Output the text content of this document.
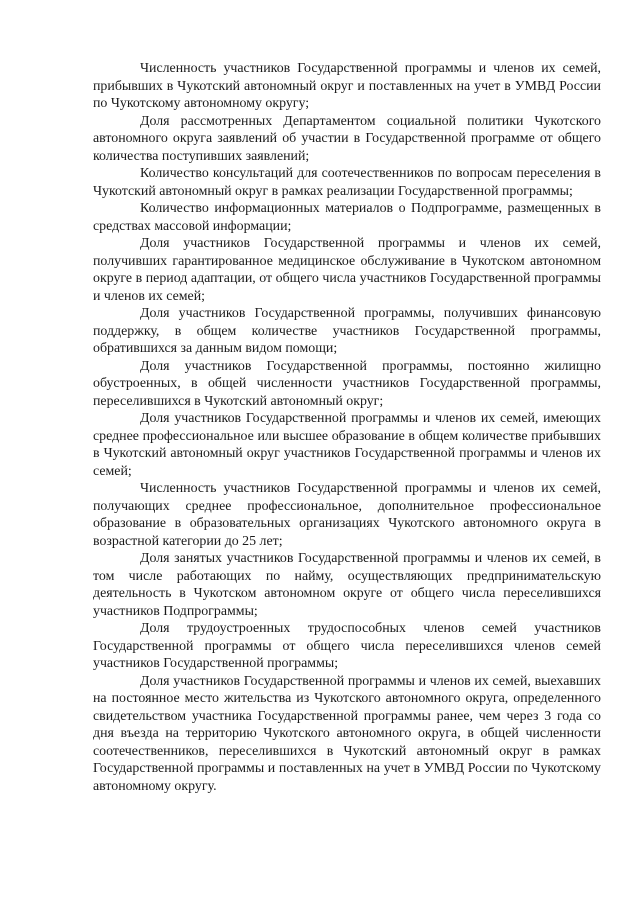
Численность участников Государственной программы и членов их семей, прибывших в Чукотский автономный округ и поставленных на учет в УМВД России по Чукотскому автономному округу;

Доля рассмотренных Департаментом социальной политики Чукотского автономного округа заявлений об участии в Государственной программе от общего количества поступивших заявлений;

Количество консультаций для соотечественников по вопросам переселения в Чукотский автономный округ в рамках реализации Государственной программы;

Количество информационных материалов о Подпрограмме, размещенных в средствах массовой информации;

Доля участников Государственной программы и членов их семей, получивших гарантированное медицинское обслуживание в Чукотском автономном округе в период адаптации, от общего числа участников Государственной программы и членов их семей;

Доля участников Государственной программы, получивших финансовую поддержку, в общем количестве участников Государственной программы, обратившихся за данным видом помощи;

Доля участников Государственной программы, постоянно жилищно обустроенных, в общей численности участников Государственной программы, переселившихся в Чукотский автономный округ;

Доля участников Государственной программы и членов их семей, имеющих среднее профессиональное или высшее образование в общем количестве прибывших в Чукотский автономный округ участников Государственной программы и членов их семей;

Численность участников Государственной программы и членов их семей, получающих среднее профессиональное, дополнительное профессиональное образование в образовательных организациях Чукотского автономного округа в возрастной категории до 25 лет;

Доля занятых участников Государственной программы и членов их семей, в том числе работающих по найму, осуществляющих предпринимательскую деятельность в Чукотском автономном округе от общего числа переселившихся участников Подпрограммы;

Доля трудоустроенных трудоспособных членов семей участников Государственной программы от общего числа переселившихся членов семей участников Государственной программы;

Доля участников Государственной программы и членов их семей, выехавших на постоянное место жительства из Чукотского автономного округа, определенного свидетельством участника Государственной программы ранее, чем через 3 года со дня въезда на территорию Чукотского автономного округа, в общей численности соотечественников, переселившихся в Чукотский автономный округ в рамках Государственной программы и поставленных на учет в УМВД России по Чукотскому автономному округу.
